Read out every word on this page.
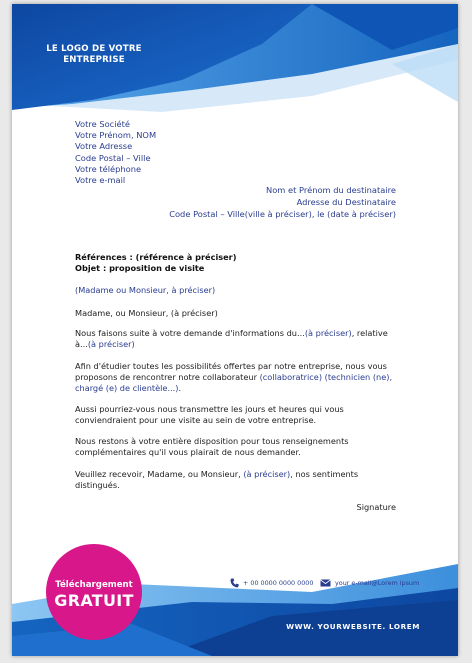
LE LOGO DE VOTRE
ENTREPRISE
Votre Société
Votre Prénom, NOM
Votre Adresse
Code Postal – Ville
Votre téléphone
Votre e-mail
Nom et Prénom du destinataire
Adresse du Destinataire
Code Postal – Ville(ville à préciser), le (date à préciser)
Références : (référence à préciser)
Objet : proposition de visite
(Madame ou Monsieur, à préciser)
Madame, ou Monsieur, (à préciser)
Nous faisons suite à votre demande d'informations du...(à préciser), relative à...(à préciser)
Afin d'étudier toutes les possibilités offertes par notre entreprise, nous vous proposons de rencontrer notre collaborateur (collaboratrice) (technicien (ne), chargé (e) de clientèle...).
Aussi pourriez-vous nous transmettre les jours et heures qui vous conviendraient pour une visite au sein de votre entreprise.
Nous restons à votre entière disposition pour tous renseignements complémentaires qu'il vous plairait de nous demander.
Veuillez recevoir, Madame, ou Monsieur, (à préciser), nos sentiments distingués.
Signature
+ 00 0000 0000 0000	your e-mail@Lorem ipsum
WWW. YOURWEBSITE. LOREM
Téléchargement
GRATUIT
